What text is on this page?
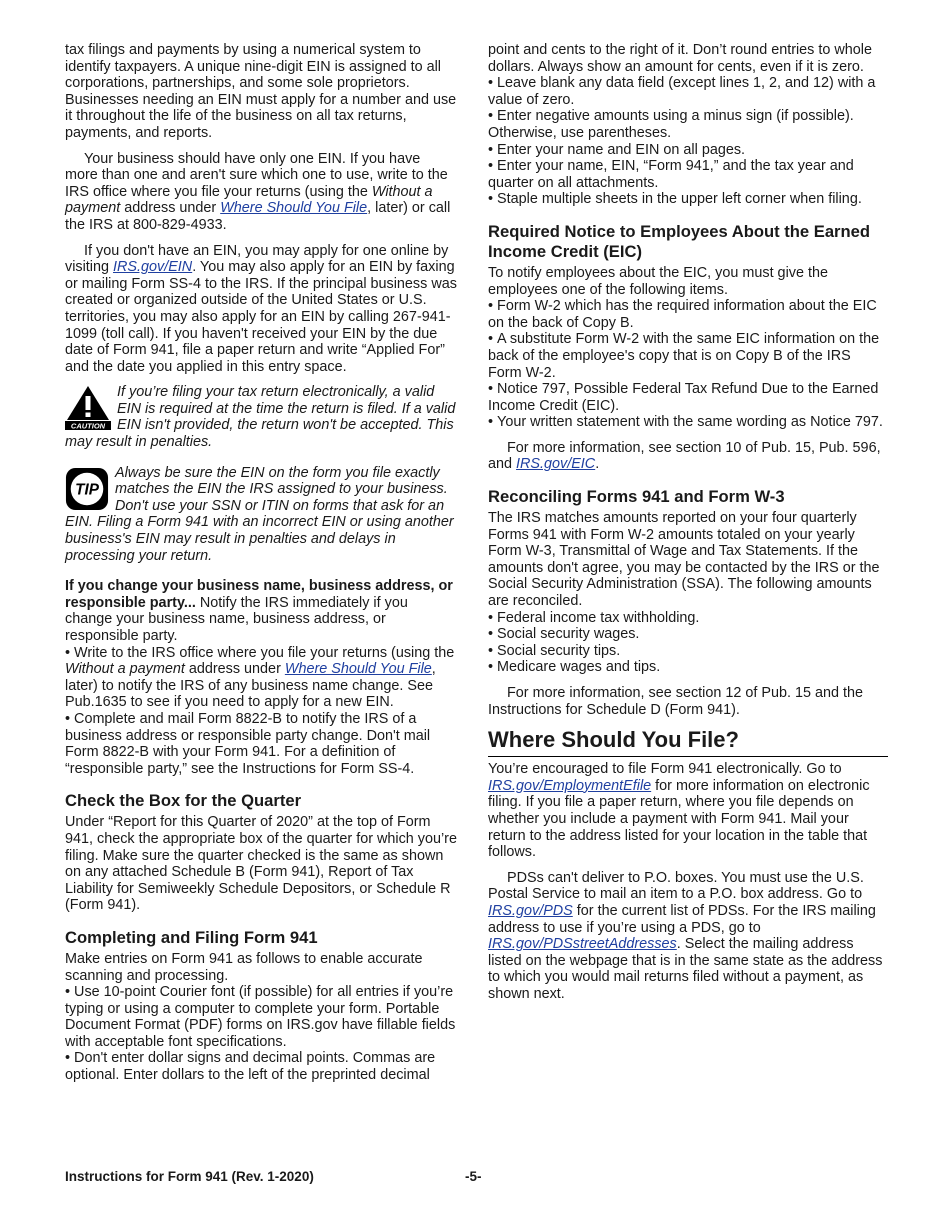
tax filings and payments by using a numerical system to identify taxpayers. A unique nine-digit EIN is assigned to all corporations, partnerships, and some sole proprietors. Businesses needing an EIN must apply for a number and use it throughout the life of the business on all tax returns, payments, and reports.

Your business should have only one EIN. If you have more than one and aren't sure which one to use, write to the IRS office where you file your returns (using the Without a payment address under Where Should You File, later) or call the IRS at 800-829-4933.

If you don't have an EIN, you may apply for one online by visiting IRS.gov/EIN. You may also apply for an EIN by faxing or mailing Form SS-4 to the IRS. If the principal business was created or organized outside of the United States or U.S. territories, you may also apply for an EIN by calling 267-941-1099 (toll call). If you haven't received your EIN by the due date of Form 941, file a paper return and write “Applied For” and the date you applied in this entry space.

CAUTION
If you’re filing your tax return electronically, a valid EIN is required at the time the return is filed. If a valid EIN isn't provided, the return won't be accepted. This may result in penalties.
TIP
Always be sure the EIN on the form you file exactly matches the EIN the IRS assigned to your business. Don't use your SSN or ITIN on forms that ask for an EIN. Filing a Form 941 with an incorrect EIN or using another business's EIN may result in penalties and delays in processing your return.

If you change your business name, business address, or responsible party... Notify the IRS immediately if you change your business name, business address, or responsible party.

• Write to the IRS office where you file your returns (using the Without a payment address under Where Should You File, later) to notify the IRS of any business name change. See Pub.1635 to see if you need to apply for a new EIN.

• Complete and mail Form 8822-B to notify the IRS of a business address or responsible party change. Don't mail Form 8822-B with your Form 941. For a definition of “responsible party,” see the Instructions for Form SS-4.

Check the Box for the Quarter

Under “Report for this Quarter of 2020” at the top of Form 941, check the appropriate box of the quarter for which you’re filing. Make sure the quarter checked is the same as shown on any attached Schedule B (Form 941), Report of Tax Liability for Semiweekly Schedule Depositors, or Schedule R (Form 941).

Completing and Filing Form 941

Make entries on Form 941 as follows to enable accurate scanning and processing.

• Use 10-point Courier font (if possible) for all entries if you’re typing or using a computer to complete your form. Portable Document Format (PDF) forms on IRS.gov have fillable fields with acceptable font specifications.

• Don't enter dollar signs and decimal points. Commas are optional. Enter dollars to the left of the preprinted decimal

point and cents to the right of it. Don’t round entries to whole dollars. Always show an amount for cents, even if it is zero.

• Leave blank any data field (except lines 1, 2, and 12) with a value of zero.

• Enter negative amounts using a minus sign (if possible). Otherwise, use parentheses.

• Enter your name and EIN on all pages.

• Enter your name, EIN, “Form 941,” and the tax year and quarter on all attachments.

• Staple multiple sheets in the upper left corner when filing.

Required Notice to Employees About the Earned Income Credit (EIC)

To notify employees about the EIC, you must give the employees one of the following items.

• Form W-2 which has the required information about the EIC on the back of Copy B.

• A substitute Form W-2 with the same EIC information on the back of the employee's copy that is on Copy B of the IRS Form W-2.

• Notice 797, Possible Federal Tax Refund Due to the Earned Income Credit (EIC).

• Your written statement with the same wording as Notice 797.

For more information, see section 10 of Pub. 15, Pub. 596, and IRS.gov/EIC.

Reconciling Forms 941 and Form W-3

The IRS matches amounts reported on your four quarterly Forms 941 with Form W-2 amounts totaled on your yearly Form W-3, Transmittal of Wage and Tax Statements. If the amounts don't agree, you may be contacted by the IRS or the Social Security Administration (SSA). The following amounts are reconciled.

• Federal income tax withholding.

• Social security wages.

• Social security tips.

• Medicare wages and tips.

For more information, see section 12 of Pub. 15 and the Instructions for Schedule D (Form 941).

Where Should You File?

You’re encouraged to file Form 941 electronically. Go to IRS.gov/EmploymentEfile for more information on electronic filing. If you file a paper return, where you file depends on whether you include a payment with Form 941. Mail your return to the address listed for your location in the table that follows.

PDSs can't deliver to P.O. boxes. You must use the U.S. Postal Service to mail an item to a P.O. box address. Go to IRS.gov/PDS for the current list of PDSs. For the IRS mailing address to use if you’re using a PDS, go to IRS.gov/PDSstreetAddresses. Select the mailing address listed on the webpage that is in the same state as the address to which you would mail returns filed without a payment, as shown next.

Instructions for Form 941 (Rev. 1-2020)	-5-
